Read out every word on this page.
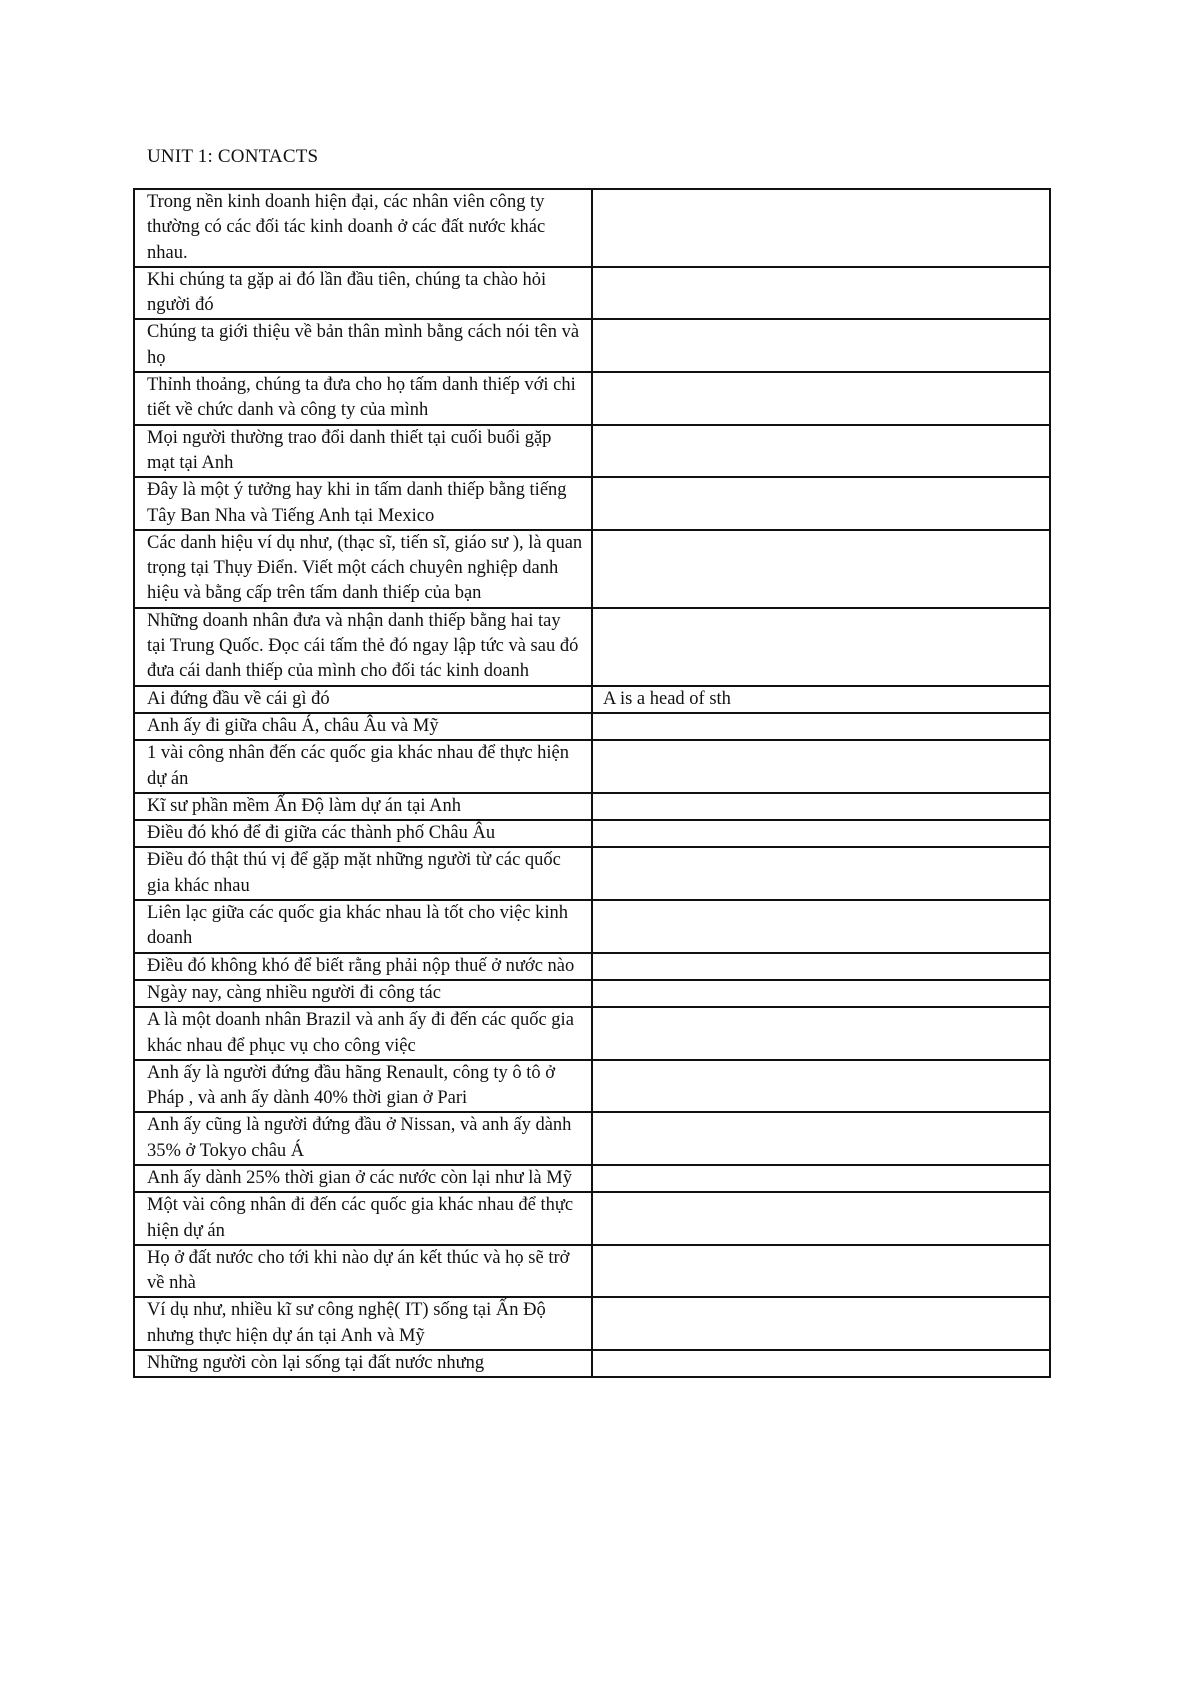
UNIT 1: CONTACTS
Trong nền kinh doanh hiện đại, các nhân viên công ty thường có các đối tác kinh doanh ở các đất nước khác nhau.	
Khi chúng ta gặp ai đó lần đầu tiên, chúng ta chào hỏi người đó	
Chúng ta giới thiệu về bản thân mình bằng cách nói tên và họ	
Thỉnh thoảng, chúng ta đưa cho họ tấm danh thiếp với chi tiết về chức danh và công ty của mình	
Mọi người thường trao đổi danh thiết tại cuối buổi gặp mạt tại Anh	
Đây là một ý tưởng hay khi in tấm danh thiếp bằng tiếng Tây Ban Nha và Tiếng Anh tại Mexico	
Các danh hiệu ví dụ như, (thạc sĩ, tiến sĩ, giáo sư ), là quan trọng tại Thụy Điển. Viết một cách chuyên nghiệp danh hiệu và bằng cấp trên tấm danh thiếp của bạn	
Những doanh nhân đưa và nhận danh thiếp bằng hai tay tại Trung Quốc. Đọc cái tấm thẻ đó ngay lập tức và sau đó đưa cái danh thiếp của mình cho đối tác kinh doanh	
Ai đứng đầu về cái gì đó	A is a head of sth
Anh ấy đi giữa châu Á, châu Âu và Mỹ	
1 vài công nhân đến các quốc gia khác nhau để thực hiện dự án	
Kĩ sư phần mềm Ấn Độ làm dự án tại Anh	
Điều đó khó để đi giữa các thành phố Châu Âu	
Điều đó thật thú vị để gặp mặt những người từ các quốc gia khác nhau	
Liên lạc giữa các quốc gia khác nhau là tốt cho việc kinh doanh	
Điều đó không khó để biết rằng phải nộp thuế ở nước nào	
Ngày nay, càng nhiều người đi công tác	
A là một doanh nhân Brazil và anh ấy đi đến các quốc gia khác nhau để phục vụ cho công việc	
Anh ấy là người đứng đầu hãng Renault, công ty ô tô ở Pháp , và anh ấy dành 40% thời gian ở Pari	
Anh ấy cũng là người đứng đầu ở Nissan, và anh ấy dành 35% ở Tokyo châu Á	
Anh ấy dành 25% thời gian ở các nước còn lại như là Mỹ	
Một vài công nhân đi đến các quốc gia khác nhau để thực hiện dự án	
Họ ở đất nước cho tới khi nào dự án kết thúc và họ sẽ trở về nhà	
Ví dụ như, nhiều kĩ sư công nghệ( IT) sống tại Ấn Độ nhưng thực hiện dự án tại Anh và Mỹ	
Những người còn lại sống tại đất nước nhưng	
